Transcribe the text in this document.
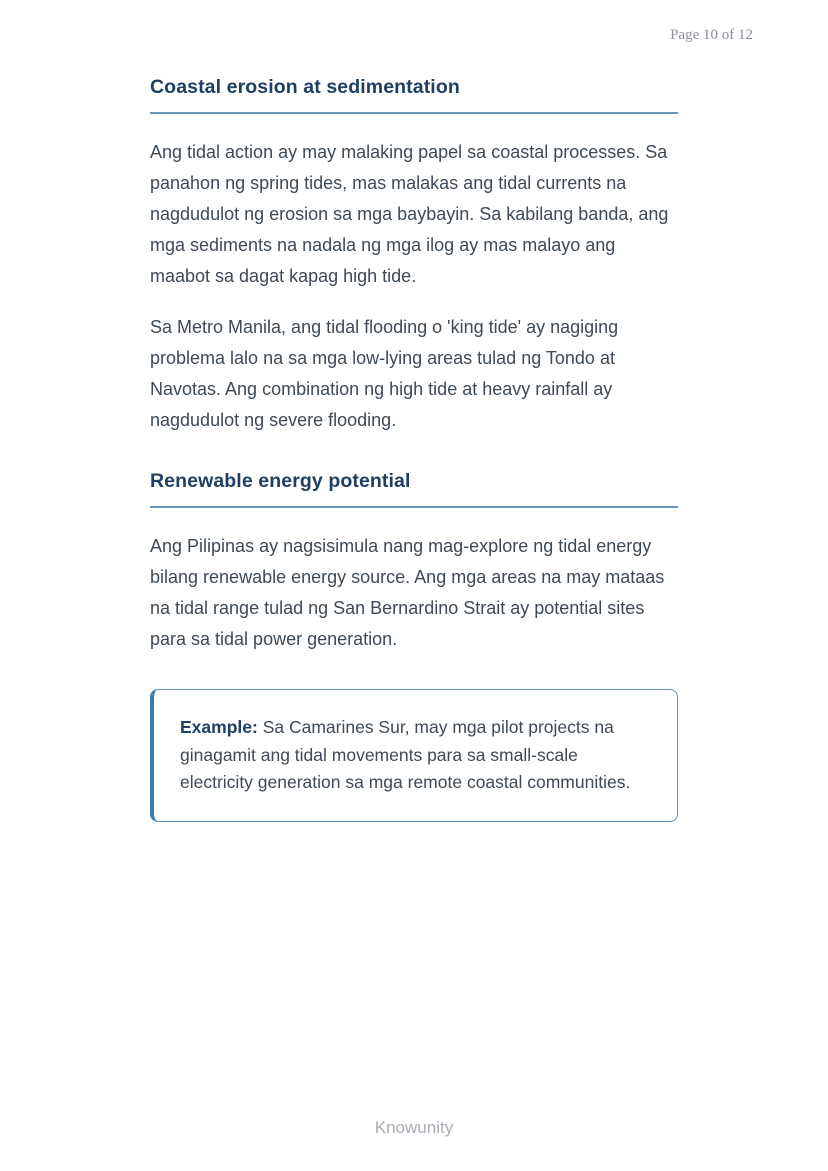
Page 10 of 12
Coastal erosion at sedimentation

Ang tidal action ay may malaking papel sa coastal processes. Sa panahon ng spring tides, mas malakas ang tidal currents na nagdudulot ng erosion sa mga baybayin. Sa kabilang banda, ang mga sediments na nadala ng mga ilog ay mas malayo ang maabot sa dagat kapag high tide.

Sa Metro Manila, ang tidal flooding o 'king tide' ay nagiging problema lalo na sa mga low-lying areas tulad ng Tondo at Navotas. Ang combination ng high tide at heavy rainfall ay nagdudulot ng severe flooding.

Renewable energy potential

Ang Pilipinas ay nagsisimula nang mag-explore ng tidal energy bilang renewable energy source. Ang mga areas na may mataas na tidal range tulad ng San Bernardino Strait ay potential sites para sa tidal power generation.

Example: Sa Camarines Sur, may mga pilot projects na ginagamit ang tidal movements para sa small-scale electricity generation sa mga remote coastal communities.

Knowunity
